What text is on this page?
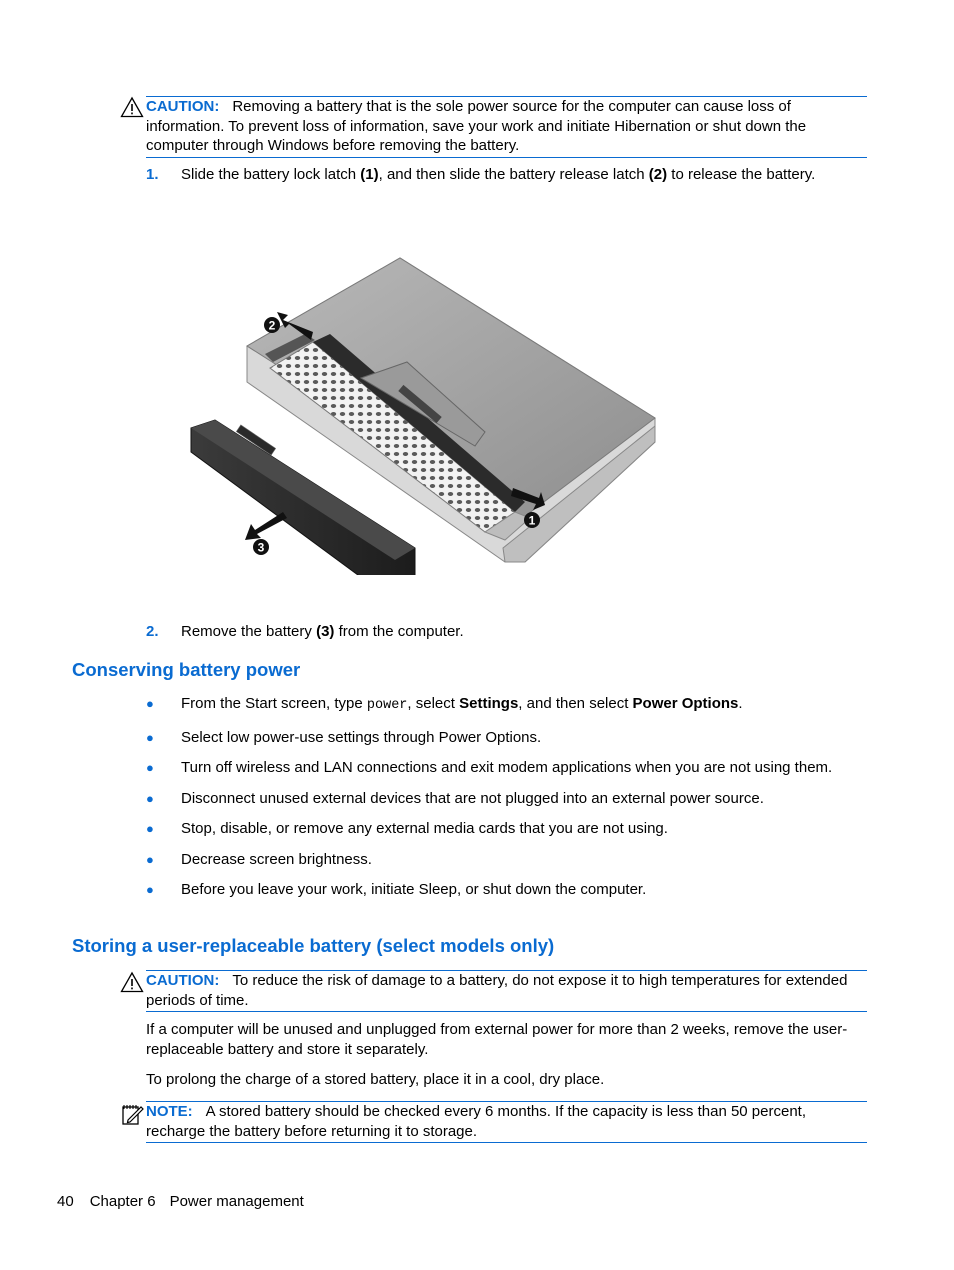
CAUTION: Removing a battery that is the sole power source for the computer can cause loss of information. To prevent loss of information, save your work and initiate Hibernation or shut down the computer through Windows before removing the battery.
1. Slide the battery lock latch (1), and then slide the battery release latch (2) to release the battery.
2
1
3
2. Remove the battery (3) from the computer.
Conserving battery power
● From the Start screen, type power, select Settings, and then select Power Options.
● Select low power-use settings through Power Options.
● Turn off wireless and LAN connections and exit modem applications when you are not using them.
● Disconnect unused external devices that are not plugged into an external power source.
● Stop, disable, or remove any external media cards that you are not using.
● Decrease screen brightness.
● Before you leave your work, initiate Sleep, or shut down the computer.
Storing a user-replaceable battery (select models only)
CAUTION: To reduce the risk of damage to a battery, do not expose it to high temperatures for extended periods of time.
If a computer will be unused and unplugged from external power for more than 2 weeks, remove the user-replaceable battery and store it separately.
To prolong the charge of a stored battery, place it in a cool, dry place.
NOTE: A stored battery should be checked every 6 months. If the capacity is less than 50 percent, recharge the battery before returning it to storage.
40 Chapter 6 Power management
